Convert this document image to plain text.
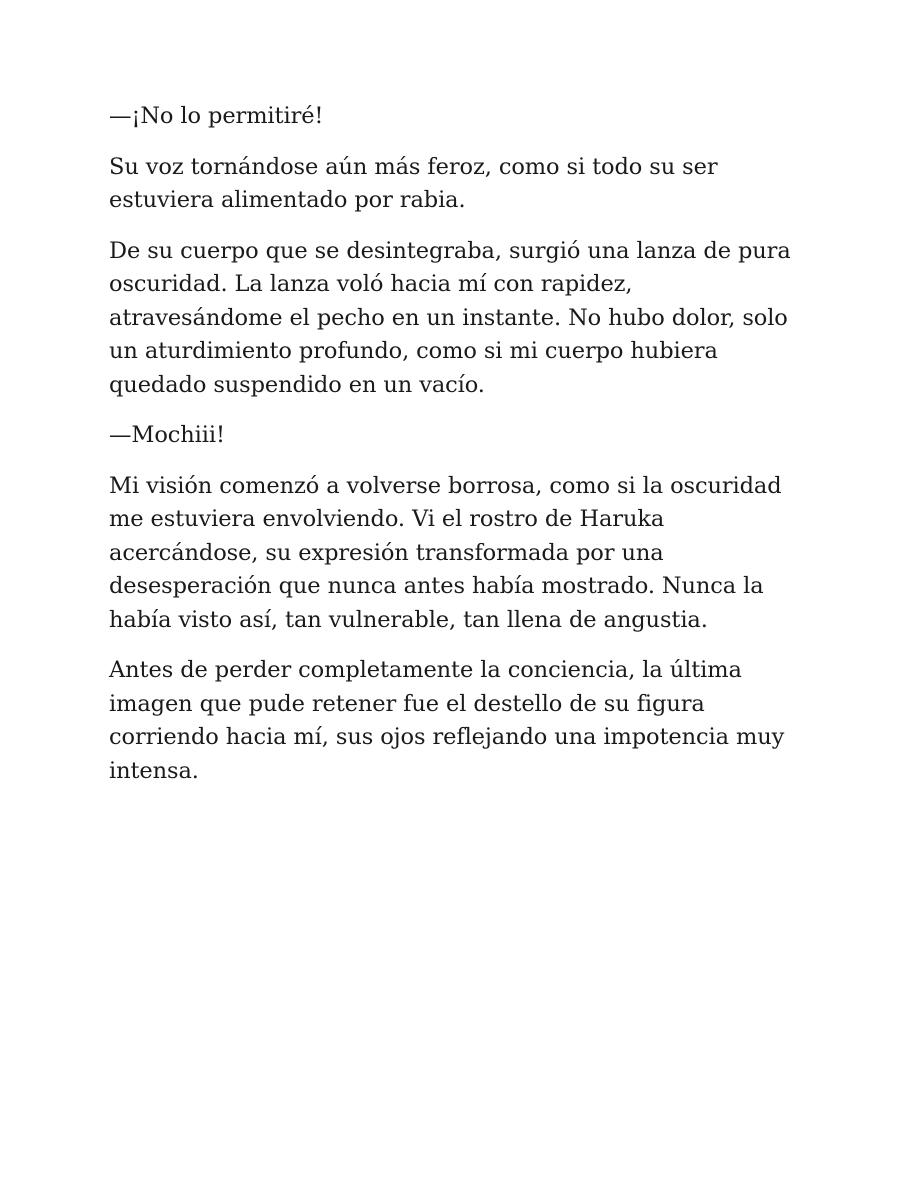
—¡No lo permitiré!

Su voz tornándose aún más feroz, como si todo su ser estuviera alimentado por rabia.

De su cuerpo que se desintegraba, surgió una lanza de pura oscuridad. La lanza voló hacia mí con rapidez, atravesándome el pecho en un instante. No hubo dolor, solo un aturdimiento profundo, como si mi cuerpo hubiera quedado suspendido en un vacío.

—Mochiii!

Mi visión comenzó a volverse borrosa, como si la oscuridad me estuviera envolviendo. Vi el rostro de Haruka acercándose, su expresión transformada por una desesperación que nunca antes había mostrado. Nunca la había visto así, tan vulnerable, tan llena de angustia.

Antes de perder completamente la conciencia, la última imagen que pude retener fue el destello de su figura corriendo hacia mí, sus ojos reflejando una impotencia muy intensa.
